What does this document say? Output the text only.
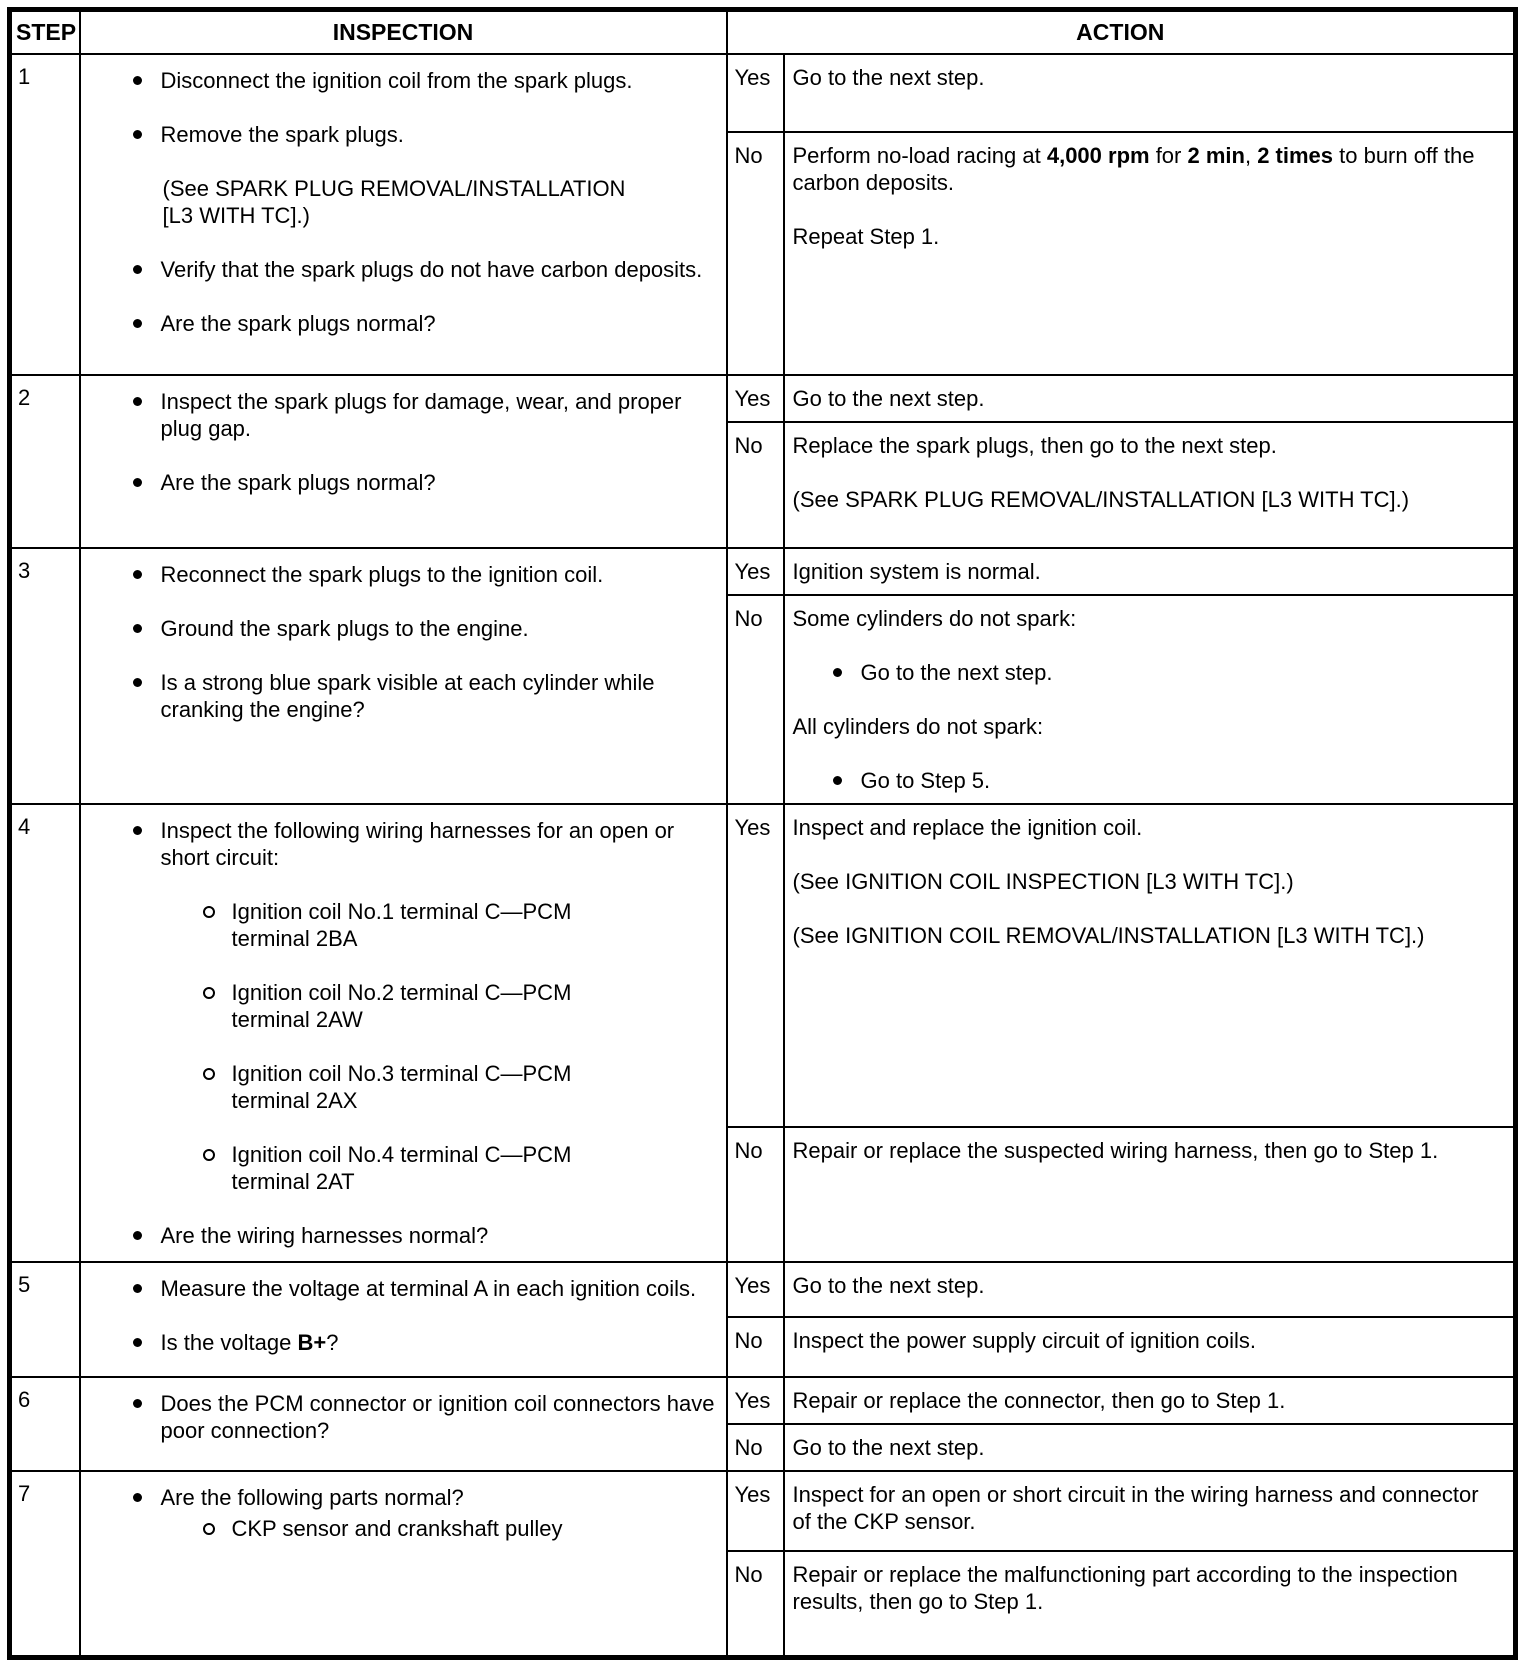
STEP	INSPECTION	ACTION	
1	Disconnect the ignition coil from the spark plugs.
Remove the spark plugs.
(See SPARK PLUG REMOVAL/INSTALLATION [L3 WITH TC].)
Verify that the spark plugs do not have carbon deposits.
Are the spark plugs normal?	Yes	Go to the next step.

		No	Perform no-load racing at 4,000 rpm for 2 min, 2 times to burn off the carbon deposits.
Repeat Step 1.

2	Inspect the spark plugs for damage, wear, and proper plug gap.
Are the spark plugs normal?	Yes	Go to the next step.

		No	Replace the spark plugs, then go to the next step.
(See SPARK PLUG REMOVAL/INSTALLATION [L3 WITH TC].)

3	Reconnect the spark plugs to the ignition coil.
Ground the spark plugs to the engine.
Is a strong blue spark visible at each cylinder while cranking the engine?	Yes	Ignition system is normal.

		No	Some cylinders do not spark:
Go to the next step.
All cylinders do not spark:
Go to Step 5.

4	Inspect the following wiring harnesses for an open or short circuit:
Ignition coil No.1 terminal C—PCM terminal 2BA
Ignition coil No.2 terminal C—PCM terminal 2AW
Ignition coil No.3 terminal C—PCM terminal 2AX
Ignition coil No.4 terminal C—PCM terminal 2AT
Are the wiring harnesses normal?
	Yes	Inspect and replace the ignition coil.
(See IGNITION COIL INSPECTION [L3 WITH TC].)
(See IGNITION COIL REMOVAL/INSTALLATION [L3 WITH TC].)

		No	Repair or replace the suspected wiring harness, then go to Step 1.

5	Measure the voltage at terminal A in each ignition coils.
Is the voltage B+?	Yes	Go to the next step.

		No	Inspect the power supply circuit of ignition coils.

6	Does the PCM connector or ignition coil connectors have poor connection?	Yes	Repair or replace the connector, then go to Step 1.

		No	Go to the next step.

7	Are the following parts normal?
CKP sensor and crankshaft pulley	Yes	Inspect for an open or short circuit in the wiring harness and connector of the CKP sensor.

		No	Repair or replace the malfunctioning part according to the inspection results, then go to Step 1.
